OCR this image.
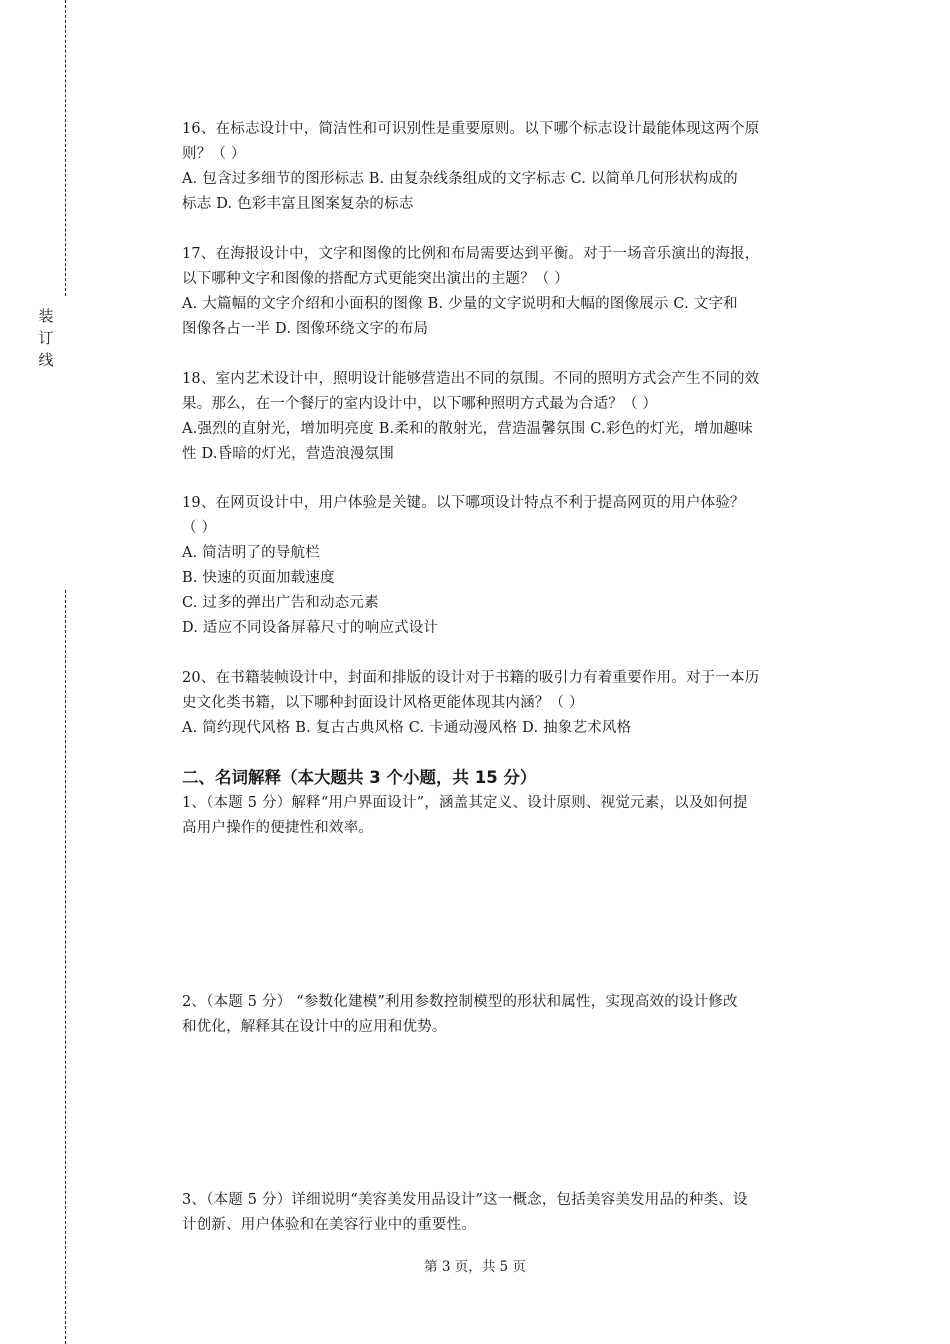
装
订
线
16、在标志设计中，简洁性和可识别性是重要原则。以下哪个标志设计最能体现这两个原
则？（ ）
A. 包含过多细节的图形标志 B. 由复杂线条组成的文字标志 C. 以简单几何形状构成的
标志 D. 色彩丰富且图案复杂的标志
17、在海报设计中，文字和图像的比例和布局需要达到平衡。对于一场音乐演出的海报，
以下哪种文字和图像的搭配方式更能突出演出的主题？（ ）
A. 大篇幅的文字介绍和小面积的图像 B. 少量的文字说明和大幅的图像展示 C. 文字和
图像各占一半 D. 图像环绕文字的布局
18、室内艺术设计中，照明设计能够营造出不同的氛围。不同的照明方式会产生不同的效
果。那么，在一个餐厅的室内设计中，以下哪种照明方式最为合适？（ ）
A.强烈的直射光，增加明亮度 B.柔和的散射光，营造温馨氛围 C.彩色的灯光，增加趣味
性 D.昏暗的灯光，营造浪漫氛围
19、在网页设计中，用户体验是关键。以下哪项设计特点不利于提高网页的用户体验？
（ ）
A. 简洁明了的导航栏
B. 快速的页面加载速度
C. 过多的弹出广告和动态元素
D. 适应不同设备屏幕尺寸的响应式设计
20、在书籍装帧设计中，封面和排版的设计对于书籍的吸引力有着重要作用。对于一本历
史文化类书籍，以下哪种封面设计风格更能体现其内涵？（ ）
A. 简约现代风格 B. 复古古典风格 C. 卡通动漫风格 D. 抽象艺术风格
二、名词解释（本大题共 3 个小题，共 15 分）
1、（本题 5 分）解释“用户界面设计”，涵盖其定义、设计原则、视觉元素，以及如何提
高用户操作的便捷性和效率。
2、（本题 5 分） “参数化建模”利用参数控制模型的形状和属性，实现高效的设计修改
和优化，解释其在设计中的应用和优势。
3、（本题 5 分）详细说明“美容美发用品设计”这一概念，包括美容美发用品的种类、设
计创新、用户体验和在美容行业中的重要性。
第 3 页，共 5 页
